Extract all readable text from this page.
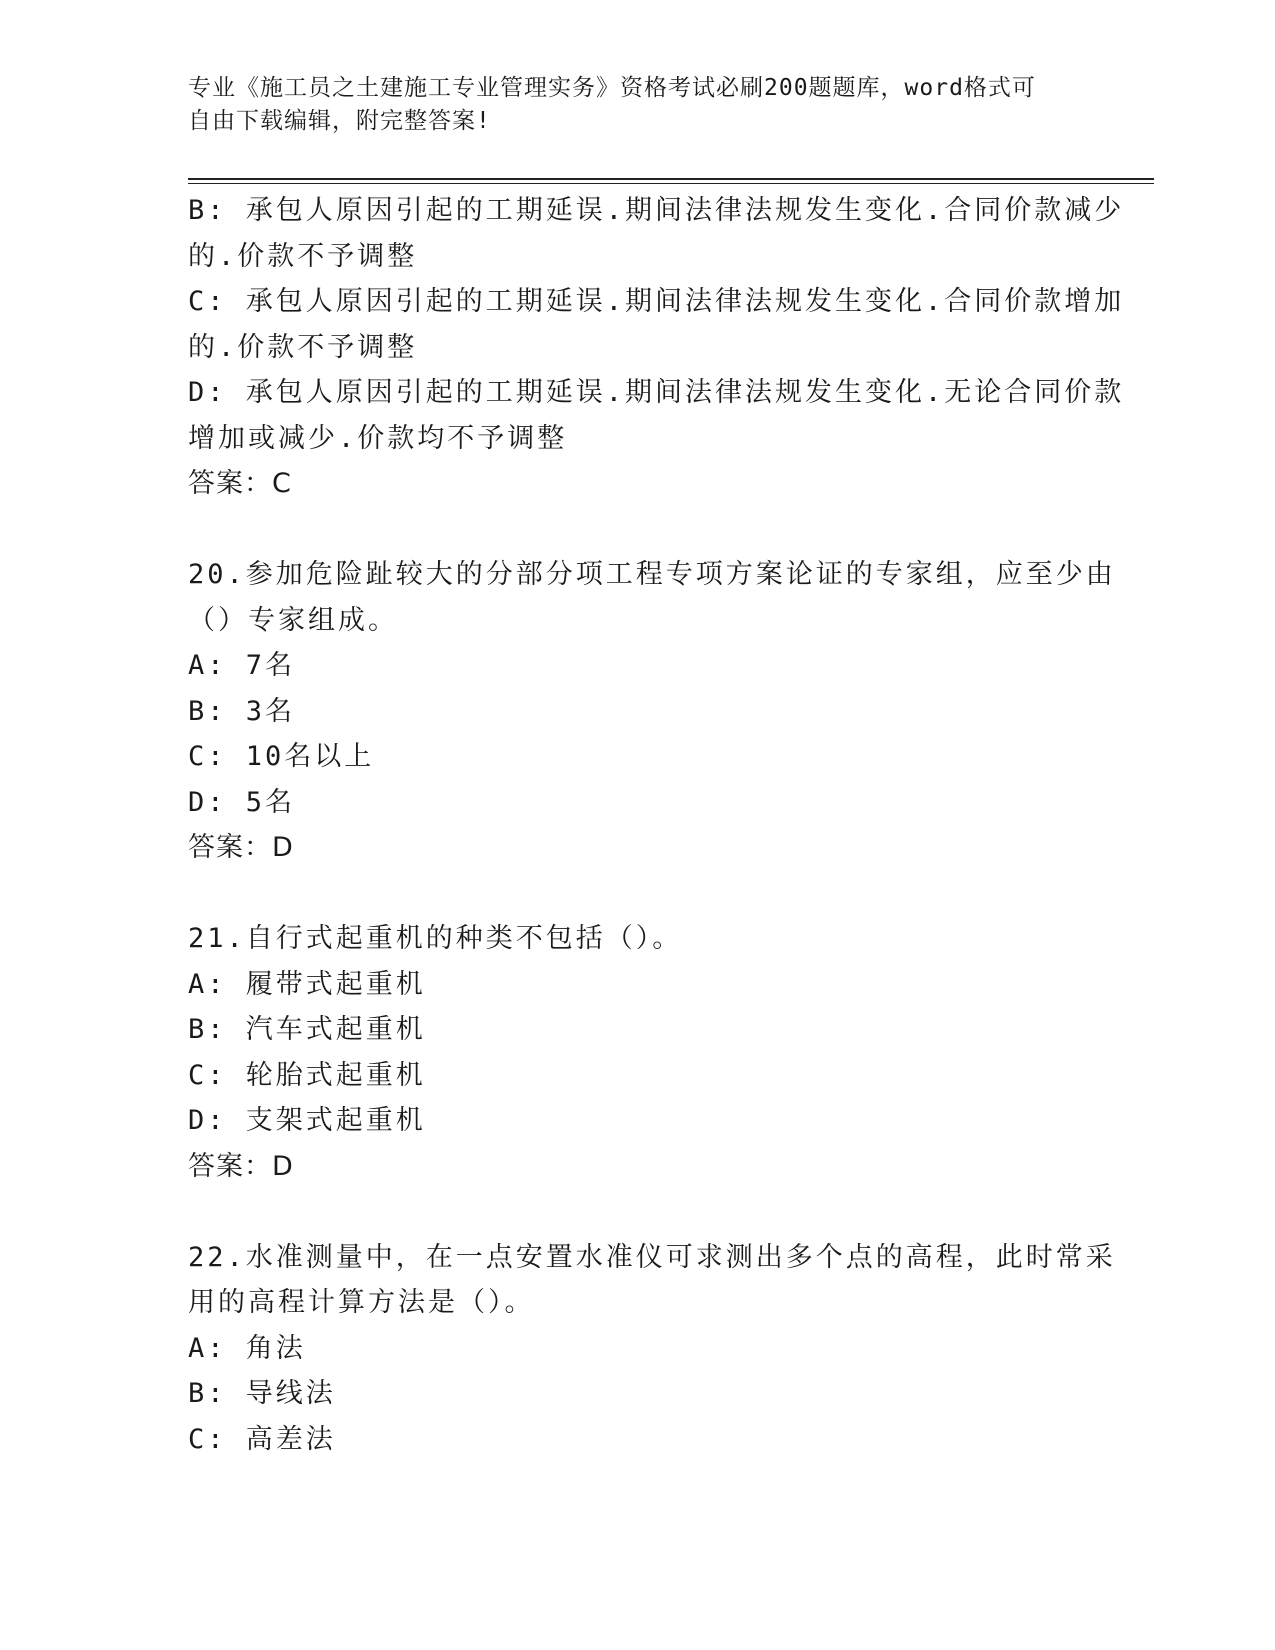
专业《施工员之土建施工专业管理实务》资格考试必刷200题题库，word格式可
自由下载编辑，附完整答案!
B: 承包人原因引起的工期延误.期间法律法规发生变化.合同价款减少
的.价款不予调整
C: 承包人原因引起的工期延误.期间法律法规发生变化.合同价款增加
的.价款不予调整
D: 承包人原因引起的工期延误.期间法律法规发生变化.无论合同价款
增加或减少.价款均不予调整
答案：C
20.参加危险趾较大的分部分项工程专项方案论证的专家组，应至少由
（）专家组成。
A: 7名
B: 3名
C: 10名以上
D: 5名
答案：D
21.自行式起重机的种类不包括（）。
A: 履带式起重机
B: 汽车式起重机
C: 轮胎式起重机
D: 支架式起重机
答案：D
22.水准测量中，在一点安置水准仪可求测出多个点的高程，此时常采
用的高程计算方法是（）。
A: 角法
B: 导线法
C: 高差法
